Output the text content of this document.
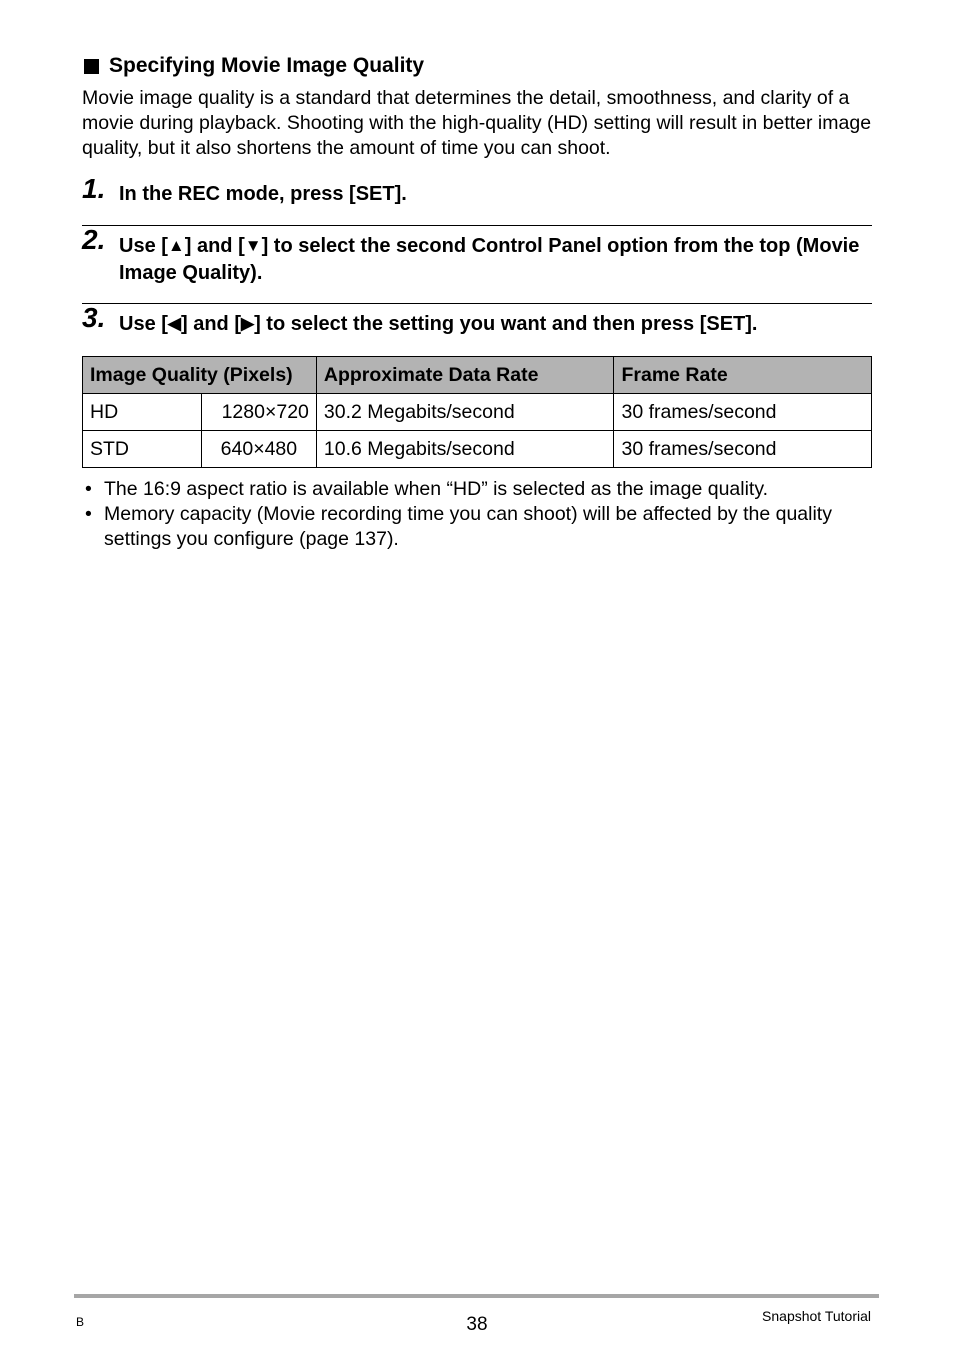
Specifying Movie Image Quality
Movie image quality is a standard that determines the detail, smoothness, and clarity of a movie during playback. Shooting with the high-quality (HD) setting will result in better image quality, but it also shortens the amount of time you can shoot.
1. In the REC mode, press [SET].
2. Use [▲] and [▼] to select the second Control Panel option from the top (Movie Image Quality).
3. Use [◀] and [▶] to select the setting you want and then press [SET].
Image Quality (Pixels)		Approximate Data Rate	Frame Rate
HD	1280×720	30.2 Megabits/second	30 frames/second
STD	640×480	10.6 Megabits/second	30 frames/second
• The 16:9 aspect ratio is available when “HD” is selected as the image quality.
• Memory capacity (Movie recording time you can shoot) will be affected by the quality settings you configure (page 137).
B	38	Snapshot Tutorial
